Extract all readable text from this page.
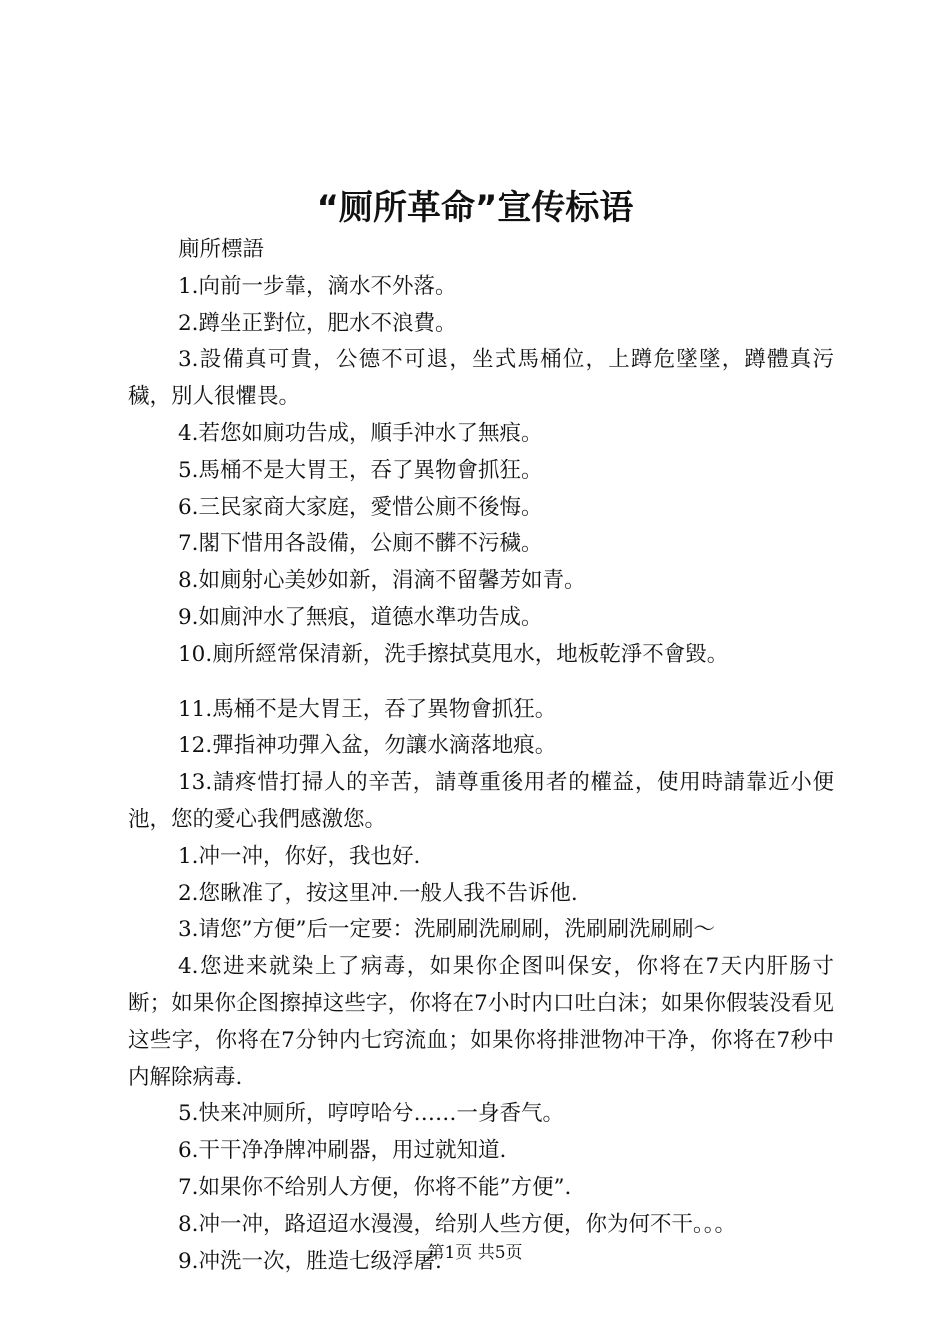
“厕所革命”宣传标语

廁所標語

1.向前一步靠，滴水不外落。

2.蹲坐正對位，肥水不浪費。

3.設備真可貴，公德不可退，坐式馬桶位，上蹲危墜墜，蹲體真污穢，別人很懼畏。

4.若您如廁功告成，順手沖水了無痕。

5.馬桶不是大胃王，吞了異物會抓狂。

6.三民家商大家庭，愛惜公廁不後悔。

7.閣下惜用各設備，公廁不髒不污穢。

8.如廁射心美妙如新，涓滴不留馨芳如青。

9.如廁沖水了無痕，道德水準功告成。

10.廁所經常保清新，洗手擦拭莫甩水，地板乾淨不會毀。

11.馬桶不是大胃王，吞了異物會抓狂。

12.彈指神功彈入盆，勿讓水滴落地痕。

13.請疼惜打掃人的辛苦，請尊重後用者的權益，使用時請靠近小便池，您的愛心我們感激您。

1.冲一冲，你好，我也好.

2.您瞅准了，按这里冲.一般人我不告诉他.

3.请您”方便”后一定要：洗刷刷洗刷刷，洗刷刷洗刷刷～

4.您进来就染上了病毒，如果你企图叫保安，你将在7天内肝肠寸断；如果你企图擦掉这些字，你将在7小时内口吐白沫；如果你假装没看见这些字，你将在7分钟内七窍流血；如果你将排泄物冲干净，你将在7秒中内解除病毒.

5.快来冲厕所，哼哼哈兮……一身香气。

6.干干净净牌冲刷器，用过就知道.

7.如果你不给别人方便，你将不能”方便”.

8.冲一冲，路迢迢水漫漫，给别人些方便，你为何不干。。。

9.冲洗一次，胜造七级浮屠.

第1页 共5页
